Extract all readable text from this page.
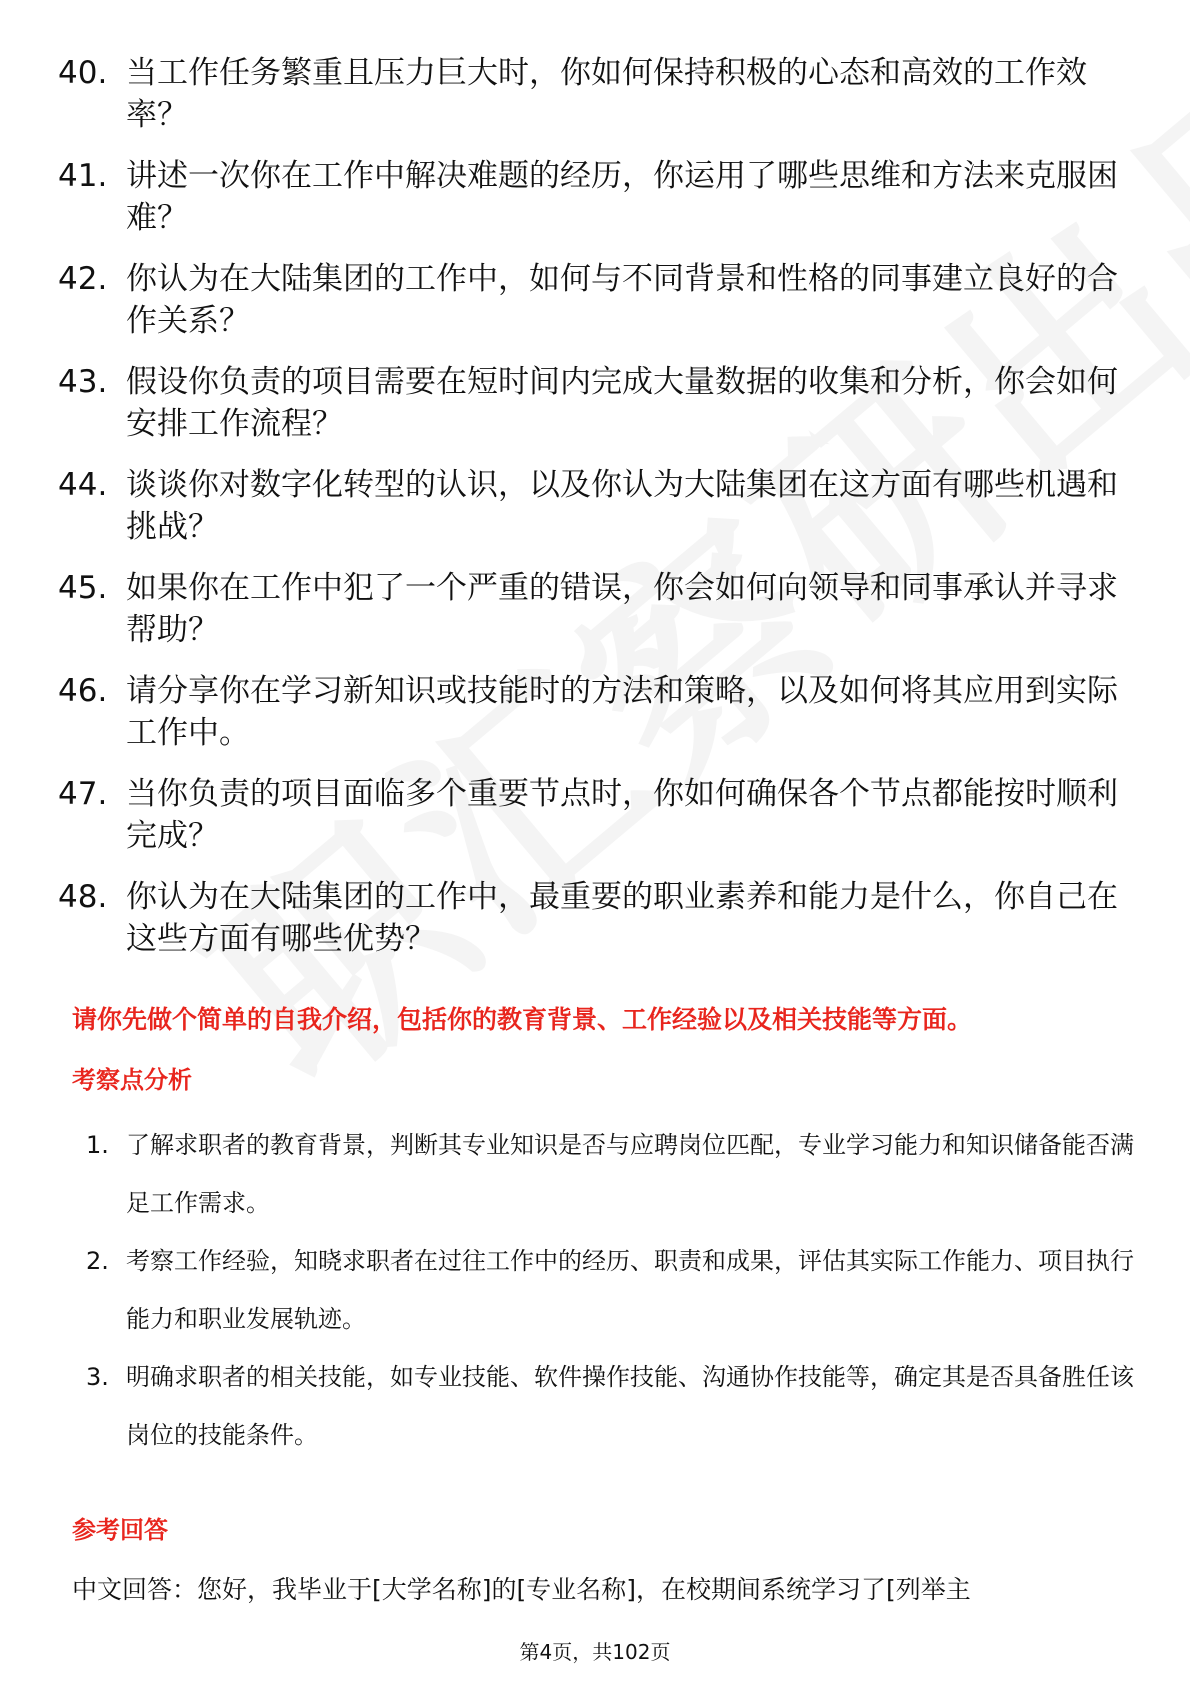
40. 当工作任务繁重且压力巨大时，你如何保持积极的心态和高效的工作效率？
41. 讲述一次你在工作中解决难题的经历，你运用了哪些思维和方法来克服困难？
42. 你认为在大陆集团的工作中，如何与不同背景和性格的同事建立良好的合作关系？
43. 假设你负责的项目需要在短时间内完成大量数据的收集和分析，你会如何安排工作流程？
44. 谈谈你对数字化转型的认识，以及你认为大陆集团在这方面有哪些机遇和挑战？
45. 如果你在工作中犯了一个严重的错误，你会如何向领导和同事承认并寻求帮助？
46. 请分享你在学习新知识或技能时的方法和策略，以及如何将其应用到实际工作中。
47. 当你负责的项目面临多个重要节点时，你如何确保各个节点都能按时顺利完成？
48. 你认为在大陆集团的工作中，最重要的职业素养和能力是什么，你自己在这些方面有哪些优势？
请你先做个简单的自我介绍，包括你的教育背景、工作经验以及相关技能等方面。
考察点分析
1. 了解求职者的教育背景，判断其专业知识是否与应聘岗位匹配，专业学习能力和知识储备能否满足工作需求。
2. 考察工作经验，知晓求职者在过往工作中的经历、职责和成果，评估其实际工作能力、项目执行能力和职业发展轨迹。
3. 明确求职者的相关技能，如专业技能、软件操作技能、沟通协作技能等，确定其是否具备胜任该岗位的技能条件。
参考回答
中文回答：您好，我毕业于[大学名称]的[专业名称]，在校期间系统学习了[列举主
第4页，共102页
